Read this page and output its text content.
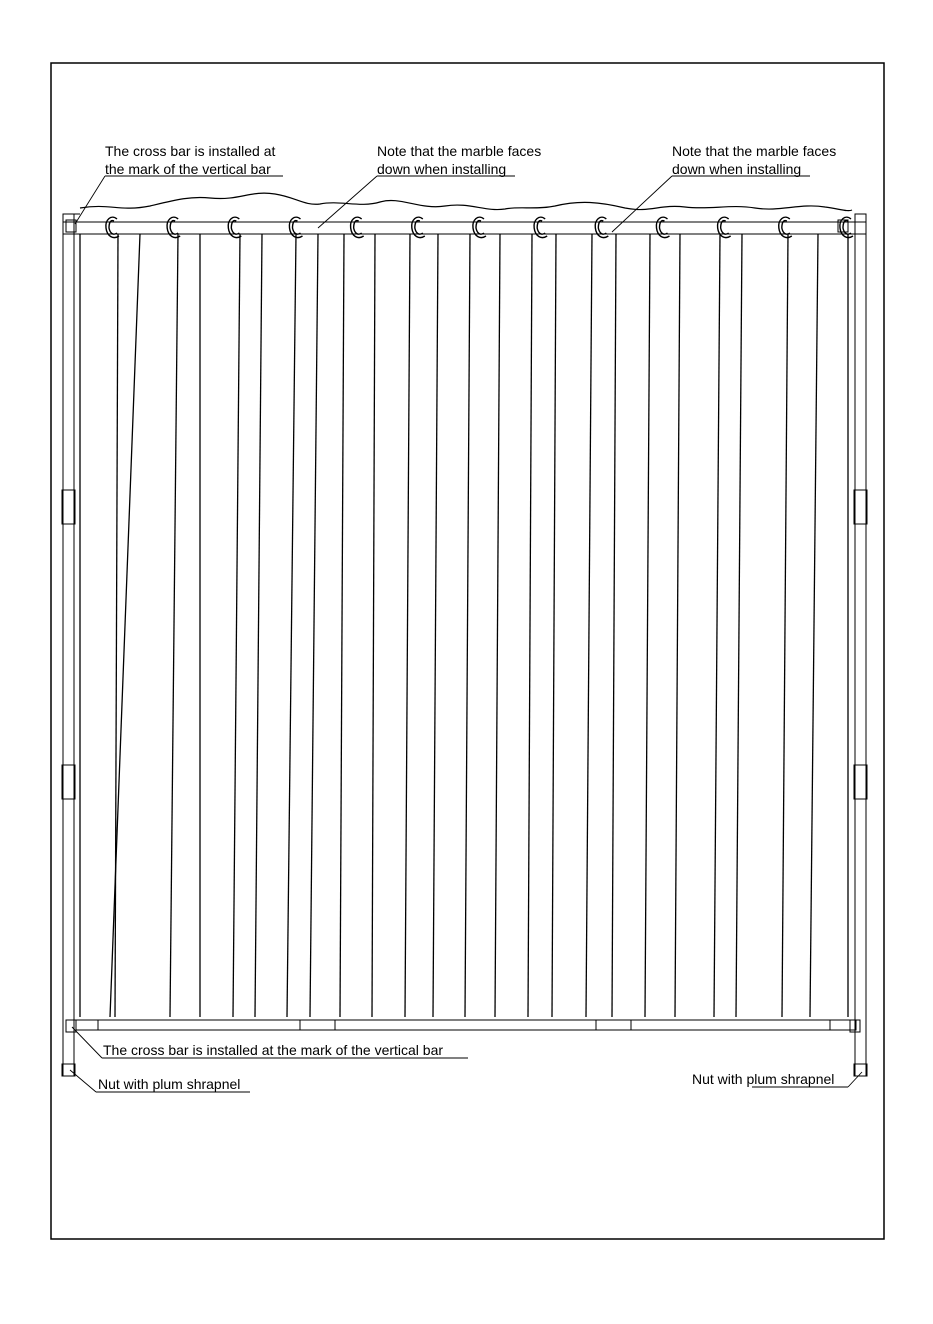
The cross bar is installed at
the mark of the vertical bar
Note that the marble faces
down when installing
Note that the marble faces
down when installing
The cross bar is installed at the mark of the vertical bar
Nut with plum shrapnel	Nut with plum shrapnel
